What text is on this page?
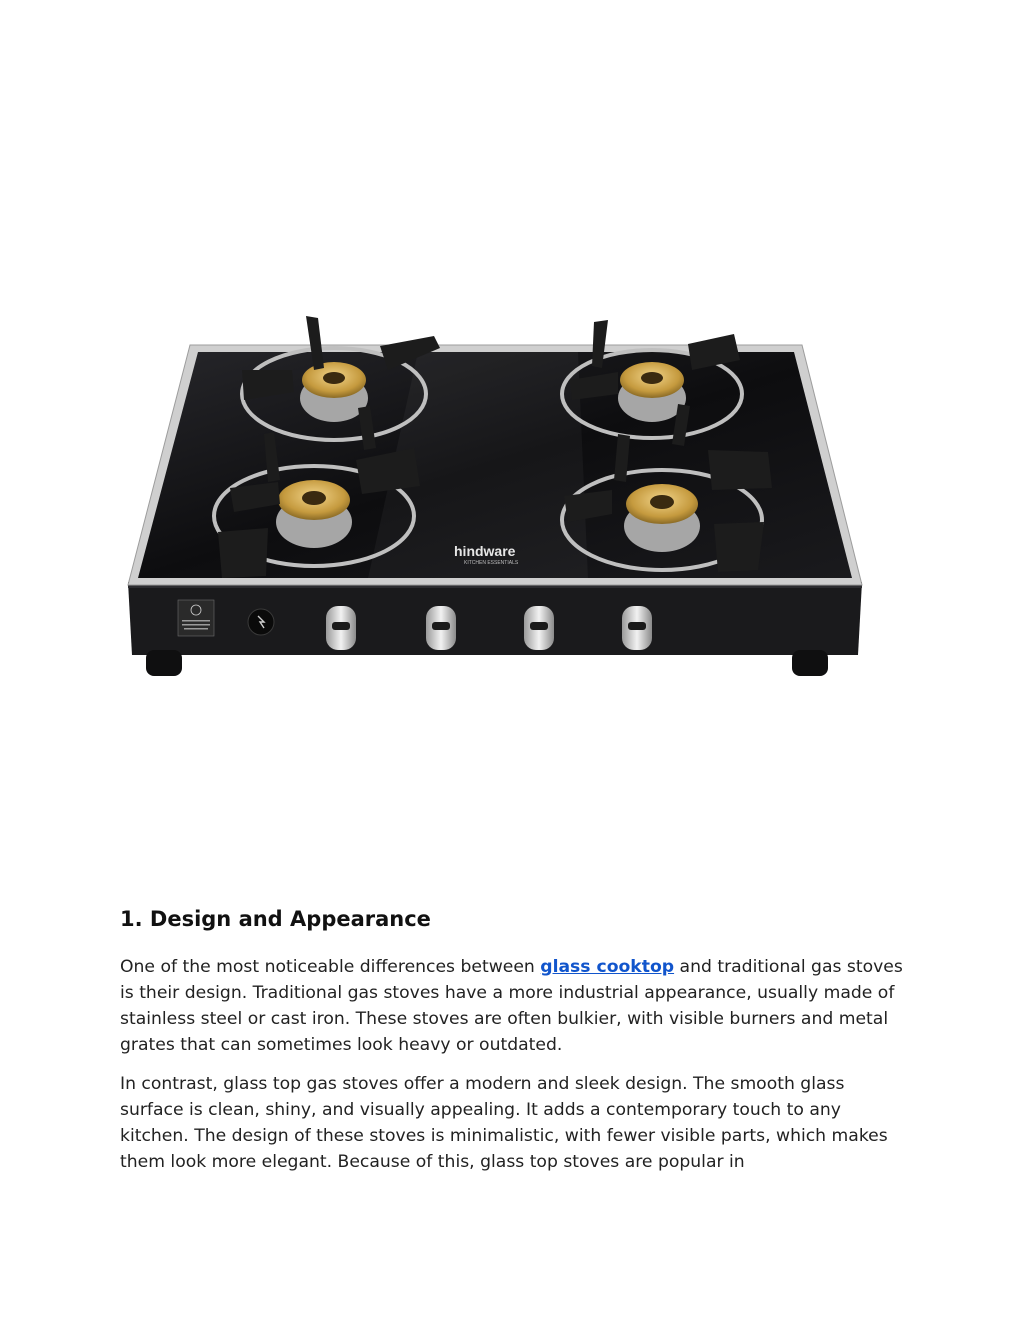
hindware
KITCHEN ESSENTIALS
1. Design and Appearance

One of the most noticeable differences between glass cooktop and traditional gas stoves is their design. Traditional gas stoves have a more industrial appearance, usually made of stainless steel or cast iron. These stoves are often bulkier, with visible burners and metal grates that can sometimes look heavy or outdated.

In contrast, glass top gas stoves offer a modern and sleek design. The smooth glass surface is clean, shiny, and visually appealing. It adds a contemporary touch to any kitchen. The design of these stoves is minimalistic, with fewer visible parts, which makes them look more elegant. Because of this, glass top stoves are popular in
